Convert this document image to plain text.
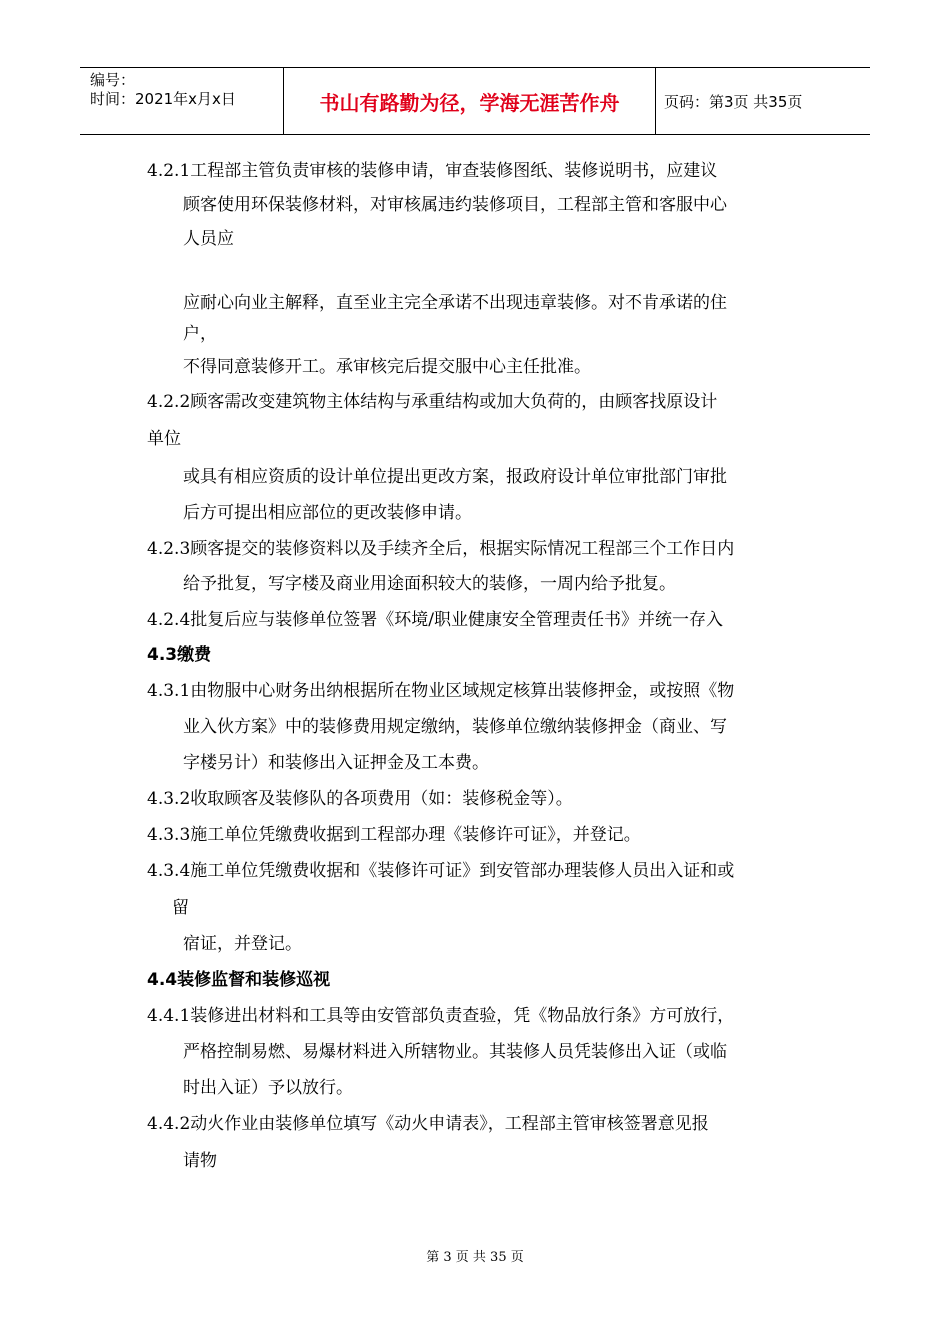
编号：
时间：2021年x月x日	书山有路勤为径，学海无涯苦作舟	页码：第3页 共35页
4.2.1工程部主管负责审核的装修申请，审查装修图纸、装修说明书，应建议
顾客使用环保装修材料，对审核属违约装修项目，工程部主管和客服中心
人员应
应耐心向业主解释，直至业主完全承诺不出现违章装修。对不肯承诺的住
户，
不得同意装修开工。承审核完后提交服中心主任批准。
4.2.2顾客需改变建筑物主体结构与承重结构或加大负荷的，由顾客找原设计
单位
或具有相应资质的设计单位提出更改方案，报政府设计单位审批部门审批
后方可提出相应部位的更改装修申请。
4.2.3顾客提交的装修资料以及手续齐全后，根据实际情况工程部三个工作日内
给予批复，写字楼及商业用途面积较大的装修，一周内给予批复。
4.2.4批复后应与装修单位签署《环境/职业健康安全管理责任书》并统一存入
4.3缴费
4.3.1由物服中心财务出纳根据所在物业区域规定核算出装修押金，或按照《物
业入伙方案》中的装修费用规定缴纳，装修单位缴纳装修押金（商业、写
字楼另计）和装修出入证押金及工本费。
4.3.2收取顾客及装修队的各项费用（如：装修税金等）。
4.3.3施工单位凭缴费收据到工程部办理《装修许可证》，并登记。
4.3.4施工单位凭缴费收据和《装修许可证》到安管部办理装修人员出入证和或
留
宿证，并登记。
4.4装修监督和装修巡视
4.4.1装修进出材料和工具等由安管部负责查验，凭《物品放行条》方可放行，
严格控制易燃、易爆材料进入所辖物业。其装修人员凭装修出入证（或临
时出入证）予以放行。
4.4.2动火作业由装修单位填写《动火申请表》，工程部主管审核签署意见报
请物
第 3 页 共 35 页
